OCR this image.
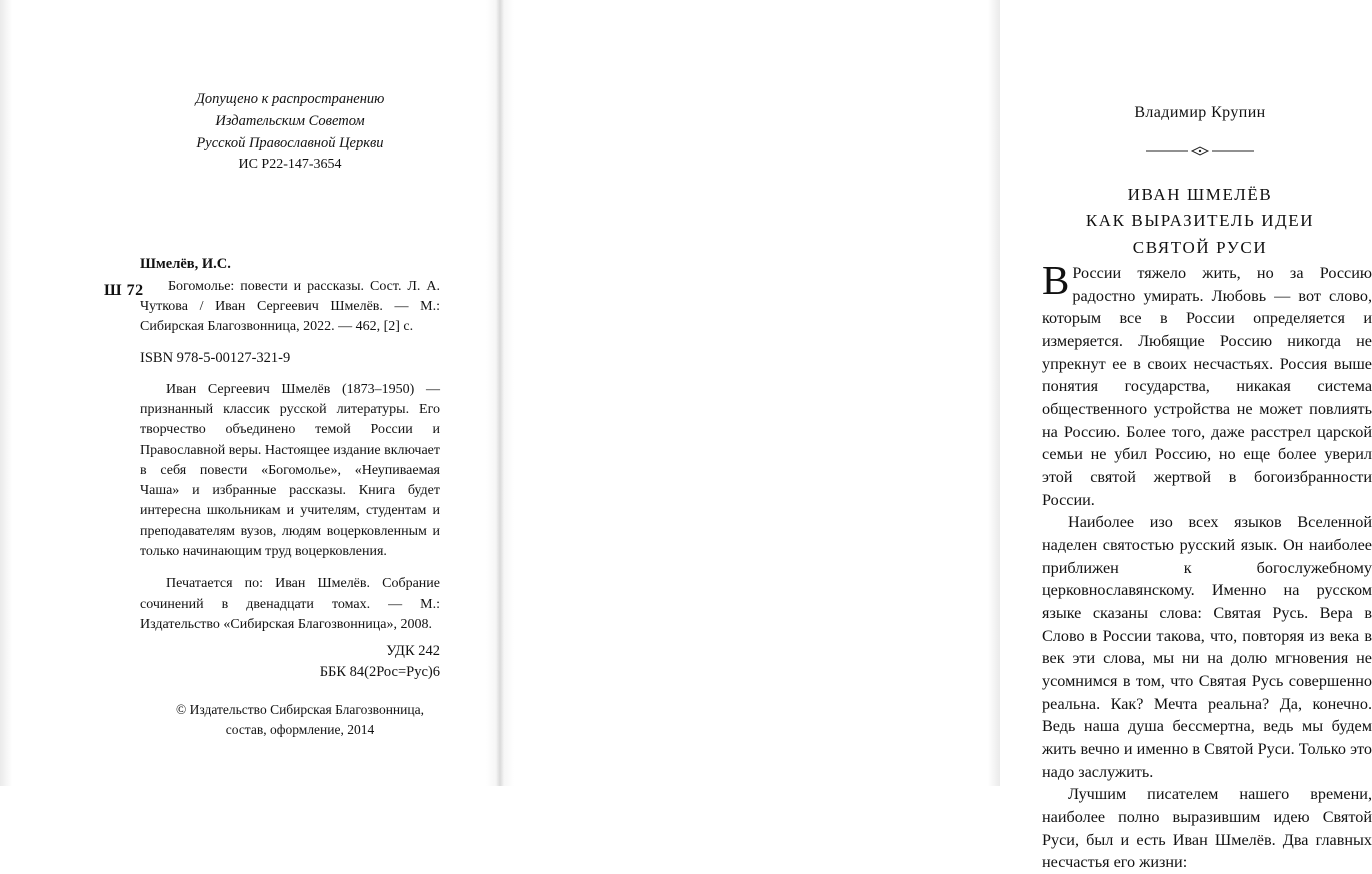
Допущено к распространению
Издательским Советом
Русской Православной Церкви
ИС Р22-147-3654
Ш 72
Шмелёв, И.С.
Богомолье: повести и рассказы. Сост. Л. А. Чуткова / Иван Сергеевич Шмелёв. — М.: Сибирская Благозвонница, 2022. — 462, [2] с.
ISBN 978-5-00127-321-9
Иван Сергеевич Шмелёв (1873–1950) — признанный классик русской литературы. Его творчество объединено темой России и Православной веры. Настоящее издание включает в себя повести «Богомолье», «Неупиваемая Чаша» и избранные рассказы. Книга будет интересна школьникам и учителям, студентам и преподавателям вузов, людям воцерковленным и только начинающим труд воцерковления.
Печатается по: Иван Шмелёв. Собрание сочинений в двенадцати томах. — М.: Издательство «Сибирская Благозвонница», 2008.
УДК 242
ББК 84(2Рос=Рус)6
© Издательство Сибирская Благозвонница,
состав, оформление, 2014
Владимир Крупин
ИВАН ШМЕЛЁВ
КАК ВЫРАЗИТЕЛЬ ИДЕИ
СВЯТОЙ РУСИ

В России тяжело жить, но за Россию радостно умирать. Любовь — вот слово, которым все в России определяется и измеряется. Любящие Россию никогда не упрекнут ее в своих несчастьях. Россия выше понятия государства, никакая система общественного устройства не может повлиять на Россию. Более того, даже расстрел царской семьи не убил Россию, но еще более уверил этой святой жертвой в богоизбранности России.

Наиболее изо всех языков Вселенной наделен святостью русский язык. Он наиболее приближен к богослужебному церковнославянскому. Именно на русском языке сказаны слова: Святая Русь. Вера в Слово в России такова, что, повторяя из века в век эти слова, мы ни на долю мгновения не усомнимся в том, что Святая Русь совершенно реальна. Как? Мечта реальна? Да, конечно. Ведь наша душа бессмертна, ведь мы будем жить вечно и именно в Святой Руси. Только это надо заслужить.

Лучшим писателем нашего времени, наиболее полно выразившим идею Святой Руси, был и есть Иван Шмелёв. Два главных несчастья его жизни:
